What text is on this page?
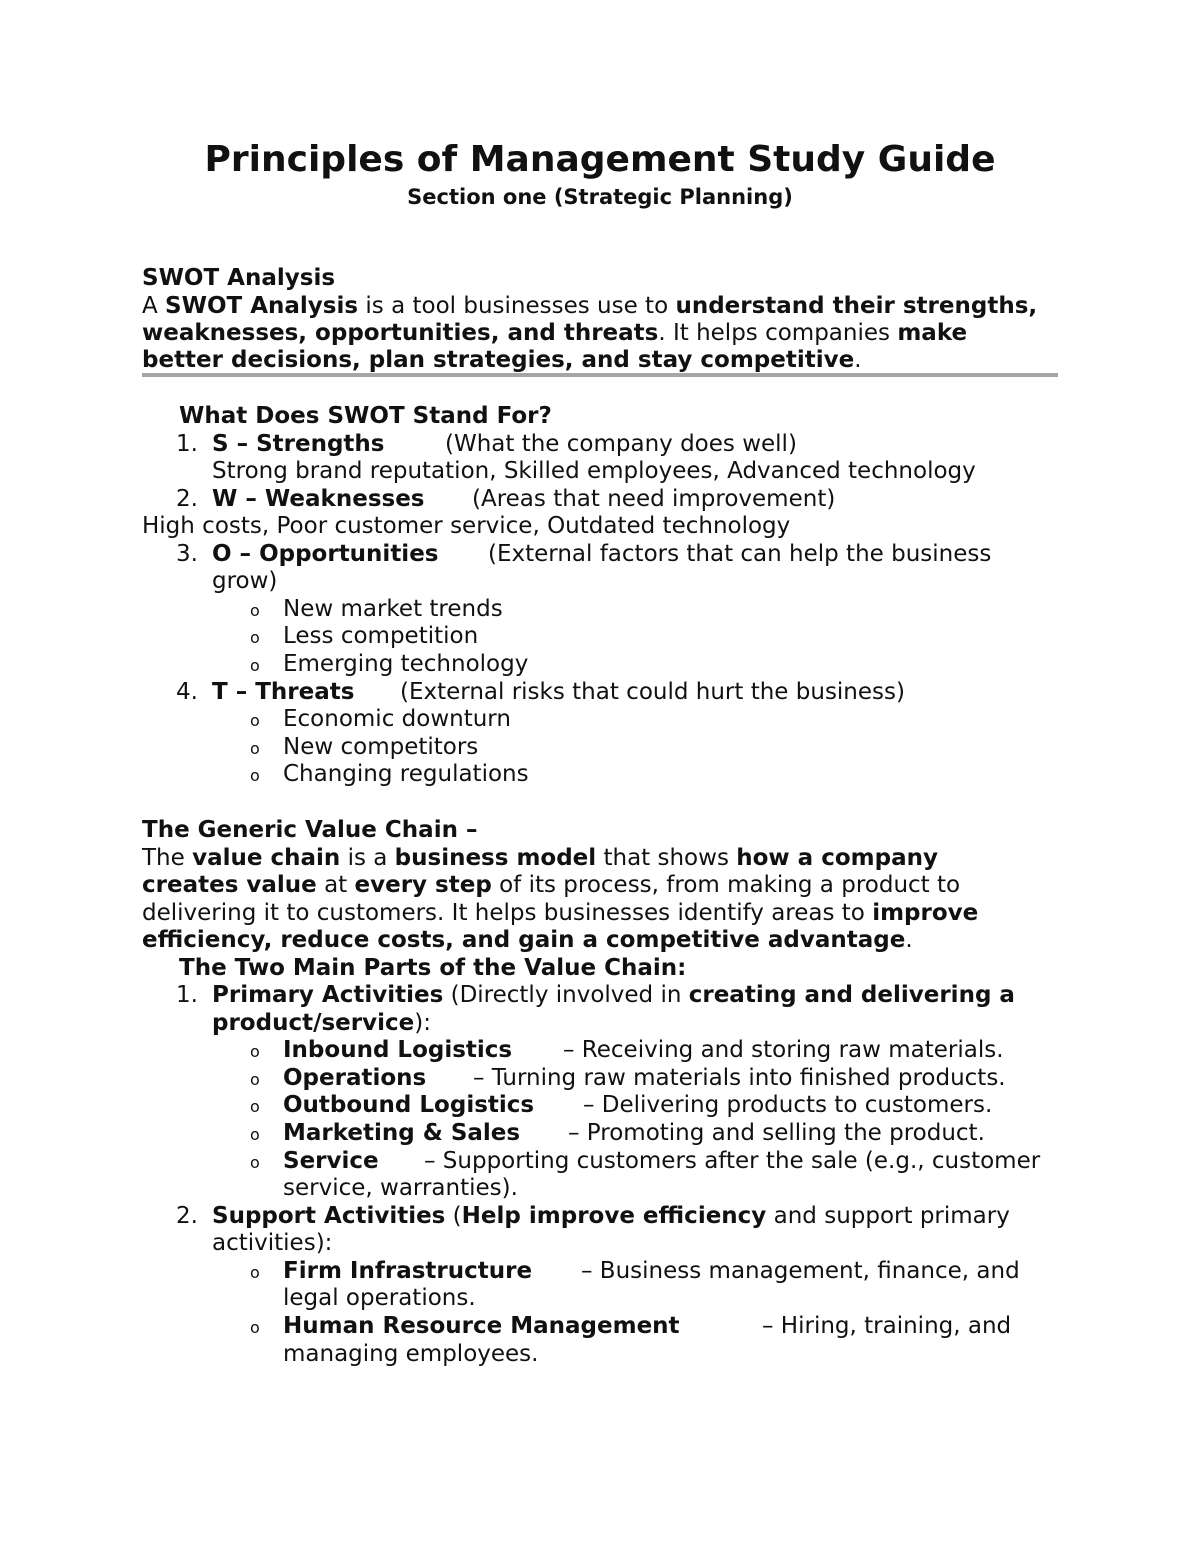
Principles of Management Study Guide
Section one (Strategic Planning)
SWOT Analysis
A SWOT Analysis is a tool businesses use to understand their strengths,
weaknesses, opportunities, and threats. It helps companies make
better decisions, plan strategies, and stay competitive.
What Does SWOT Stand For?
1. S – Strengths	(What the company does well)
Strong brand reputation, Skilled employees, Advanced technology
2. W – Weaknesses (Areas that need improvement)
High costs, Poor customer service, Outdated technology
3. O – Opportunities (External factors that can help the business
grow)
o New market trends
o Less competition
o Emerging technology
4. T – Threats (External risks that could hurt the business)
o Economic downturn
o New competitors
o Changing regulations
The Generic Value Chain –
The value chain is a business model that shows how a company
creates value at every step of its process, from making a product to
delivering it to customers. It helps businesses identify areas to improve
efficiency, reduce costs, and gain a competitive advantage.
The Two Main Parts of the Value Chain:
1. Primary Activities (Directly involved in creating and delivering a
product/service):
o Inbound Logistics – Receiving and storing raw materials.
o Operations – Turning raw materials into finished products.
o Outbound Logistics – Delivering products to customers.
o Marketing & Sales – Promoting and selling the product.
o Service – Supporting customers after the sale (e.g., customer
service, warranties).
2. Support Activities (Help improve efficiency and support primary
activities):
o Firm Infrastructure – Business management, finance, and
legal operations.
o Human Resource Management	– Hiring, training, and
managing employees.
